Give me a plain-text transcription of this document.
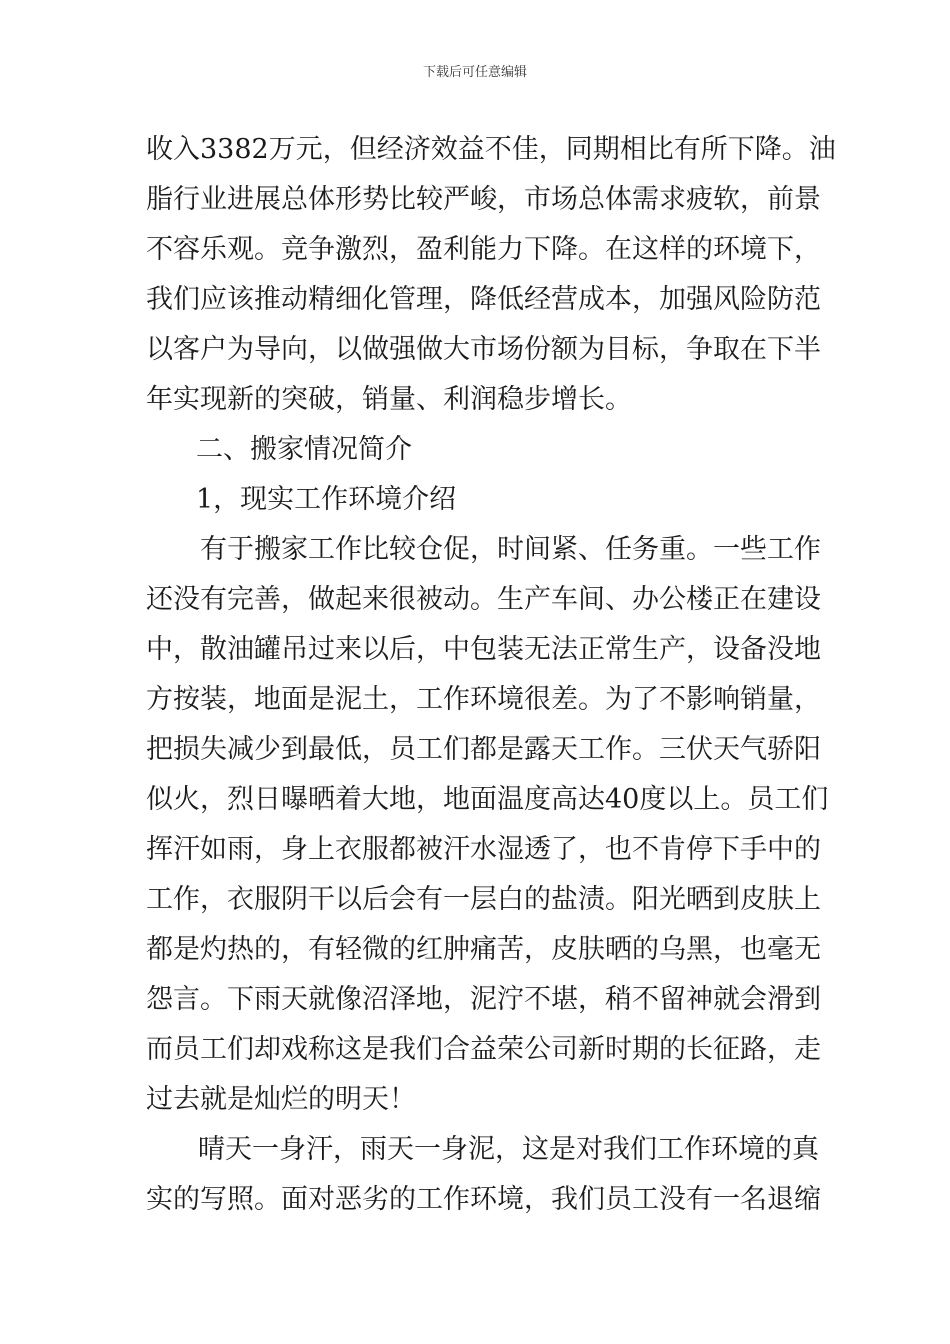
下载后可任意编辑
收入3382万元，但经济效益不佳，同期相比有所下降。油
脂行业进展总体形势比较严峻，市场总体需求疲软，前景
不容乐观。竞争激烈，盈利能力下降。在这样的环境下，
我们应该推动精细化管理，降低经营成本，加强风险防范
以客户为导向，以做强做大市场份额为目标，争取在下半
年实现新的突破，销量、利润稳步增长。
二、搬家情况简介
1，现实工作环境介绍
有于搬家工作比较仓促，时间紧、任务重。一些工作
还没有完善，做起来很被动。生产车间、办公楼正在建设
中，散油罐吊过来以后，中包装无法正常生产，设备没地
方按装，地面是泥土，工作环境很差。为了不影响销量，
把损失减少到最低，员工们都是露天工作。三伏天气骄阳
似火，烈日曝晒着大地，地面温度高达40度以上。员工们
挥汗如雨，身上衣服都被汗水湿透了，也不肯停下手中的
工作，衣服阴干以后会有一层白的盐渍。阳光晒到皮肤上
都是灼热的，有轻微的红肿痛苦，皮肤晒的乌黑，也毫无
怨言。下雨天就像沼泽地，泥泞不堪，稍不留神就会滑到
而员工们却戏称这是我们合益荣公司新时期的长征路，走
过去就是灿烂的明天！
晴天一身汗，雨天一身泥，这是对我们工作环境的真
实的写照。面对恶劣的工作环境，我们员工没有一名退缩
